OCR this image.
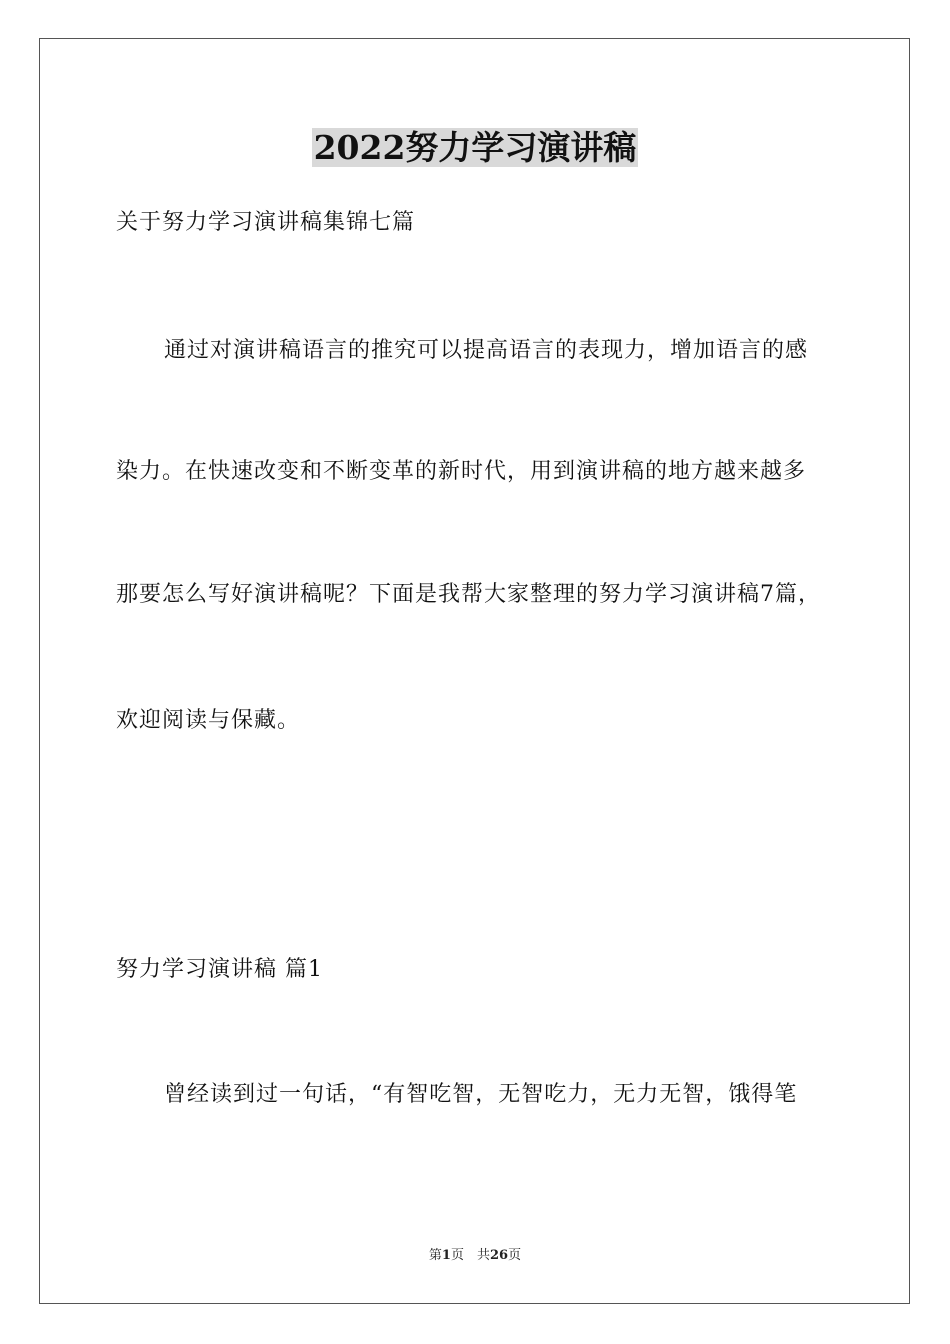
2022努力学习演讲稿
关于努力学习演讲稿集锦七篇
通过对演讲稿语言的推究可以提高语言的表现力，增加语言的感
染力。在快速改变和不断变革的新时代，用到演讲稿的地方越来越多
那要怎么写好演讲稿呢？下面是我帮大家整理的努力学习演讲稿7篇，
欢迎阅读与保藏。
努力学习演讲稿 篇1
曾经读到过一句话，“有智吃智，无智吃力，无力无智，饿得笔
第1页　共26页
